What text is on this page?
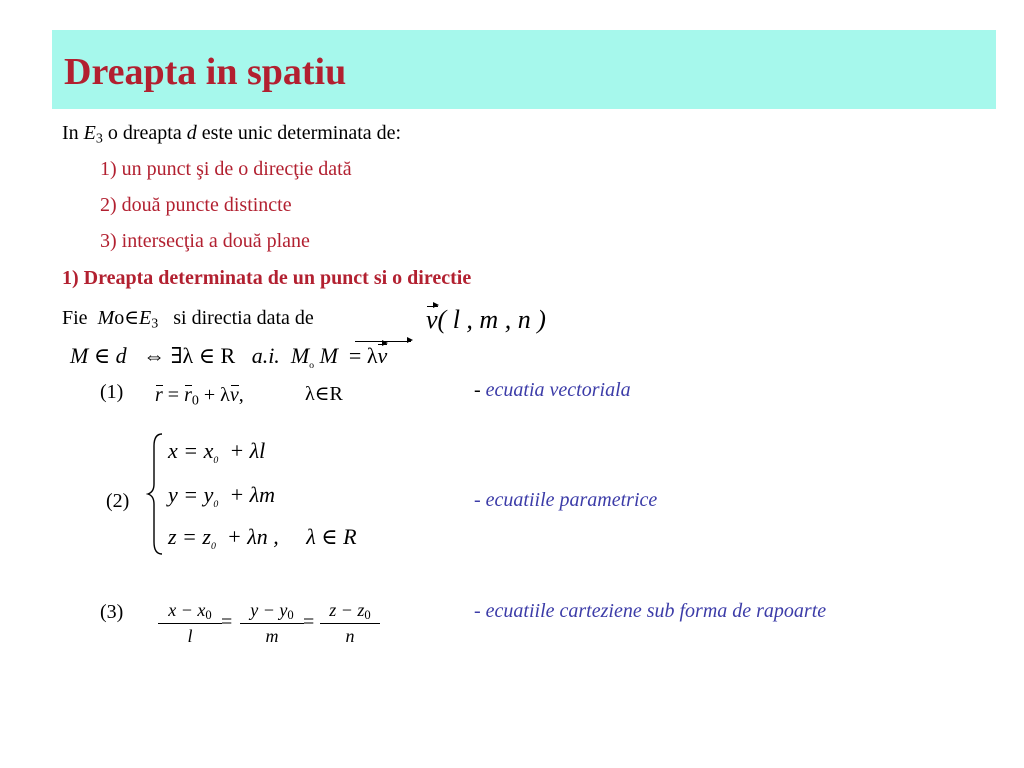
Dreapta in spatiu
In $E_3$ o dreapta d este unic determinata de:
1) un punct şi de o direcţie dată
2) două puncte distincte
3) intersecţia a două plane
1) Dreapta determinata de un punct si o directie
Fie $Mo\in E_3$ si directia data de	v( l , m , n )
M ∈ d ⇔ ∃λ ∈ R a.i. $M_o$ M = λv
(1) $r = r_0 + \lambda v$,	λ∈R	- ecuatia vectoriala
(2)
$x = x_0 + \lambda l$
$y = y_0 + \lambda m$
$z = z_0 + \lambda n$ ,     λ ∈ R
- ecuatiile parametrice
(3)	$x - x_0$
l
=
$y - y_0$
m
=
$z - z_0$
n
- ecuatiile carteziene sub forma de rapoarte
